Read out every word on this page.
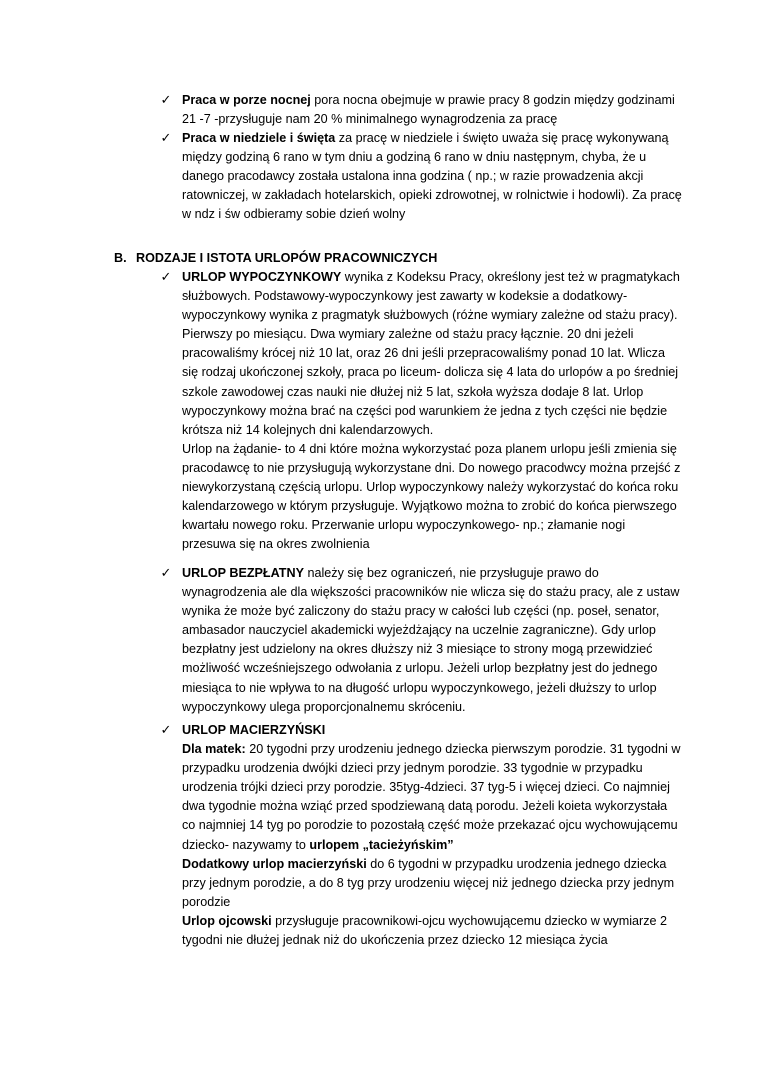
✓ Praca w porze nocnej pora nocna obejmuje w prawie pracy 8 godzin między godzinami 21 -7 -przysługuje nam 20 % minimalnego wynagrodzenia za pracę
✓ Praca w niedziele i święta za pracę w niedziele i święto uważa się pracę wykonywaną między godziną 6 rano w tym dniu a godziną 6 rano w dniu następnym, chyba, że u danego pracodawcy została ustalona inna godzina ( np.; w razie prowadzenia akcji ratowniczej, w zakładach hotelarskich, opieki zdrowotnej, w rolnictwie i hodowli). Za pracę w ndz i św odbieramy sobie dzień wolny
B. RODZAJE I ISTOTA URLOPÓW PRACOWNICZYCH
✓ URLOP WYPOCZYNKOWY wynika z Kodeksu Pracy, określony jest też w pragmatykach służbowych. Podstawowy-wypoczynkowy jest zawarty w kodeksie a dodatkowy-wypoczynkowy wynika z pragmatyk służbowych (różne wymiary zależne od stażu pracy). Pierwszy po miesiącu. Dwa wymiary zależne od stażu pracy łącznie. 20 dni jeżeli pracowaliśmy krócej niż 10 lat, oraz 26 dni jeśli przepracowaliśmy ponad 10 lat. Wlicza się rodzaj ukończonej szkoły, praca po liceum- dolicza się 4 lata do urlopów a po średniej szkole zawodowej czas nauki nie dłużej niż 5 lat, szkoła wyższa dodaje 8 lat. Urlop wypoczynkowy można brać na części pod warunkiem że jedna z tych części nie będzie krótsza niż 14 kolejnych dni kalendarzowych.
Urlop na żądanie- to 4 dni które można wykorzystać poza planem urlopu jeśli zmienia się pracodawcę to nie przysługują wykorzystane dni. Do nowego pracodwcy można przejść z niewykorzystaną częścią urlopu. Urlop wypoczynkowy należy wykorzystać do końca roku kalendarzowego w którym przysługuje. Wyjątkowo można to zrobić do końca pierwszego kwartału nowego roku. Przerwanie urlopu wypoczynkowego- np.; złamanie nogi przesuwa się na okres zwolnienia
✓ URLOP BEZPŁATNY należy się bez ograniczeń, nie przysługuje prawo do wynagrodzenia ale dla większości pracowników nie wlicza się do stażu pracy, ale z ustaw wynika że może być zaliczony do stażu pracy w całości lub części (np. poseł, senator, ambasador nauczyciel akademicki wyjeżdżający na uczelnie zagraniczne). Gdy urlop bezpłatny jest udzielony na okres dłuższy niż 3 miesiące to strony mogą przewidzieć możliwość wcześniejszego odwołania z urlopu. Jeżeli urlop bezpłatny jest do jednego miesiąca to nie wpływa to na długość urlopu wypoczynkowego, jeżeli dłuższy to urlop wypoczynkowy ulega proporcjonalnemu skróceniu.
✓ URLOP MACIERZYŃSKI
Dla matek: 20 tygodni przy urodzeniu jednego dziecka pierwszym porodzie. 31 tygodni w przypadku urodzenia dwójki dzieci przy jednym porodzie. 33 tygodnie w przypadku urodzenia trójki dzieci przy porodzie. 35tyg-4dzieci. 37 tyg-5 i więcej dzieci. Co najmniej dwa tygodnie można wziąć przed spodziewaną datą porodu. Jeżeli koieta wykorzystała co najmniej 14 tyg po porodzie to pozostałą część może przekazać ojcu wychowującemu dziecko- nazywamy to urlopem „tacieżyńskim”
Dodatkowy urlop macierzyński do 6 tygodni w przypadku urodzenia jednego dziecka przy jednym porodzie, a do 8 tyg przy urodzeniu więcej niż jednego dziecka przy jednym porodzie
Urlop ojcowski przysługuje pracownikowi-ojcu wychowującemu dziecko w wymiarze 2 tygodni nie dłużej jednak niż do ukończenia przez dziecko 12 miesiąca życia
